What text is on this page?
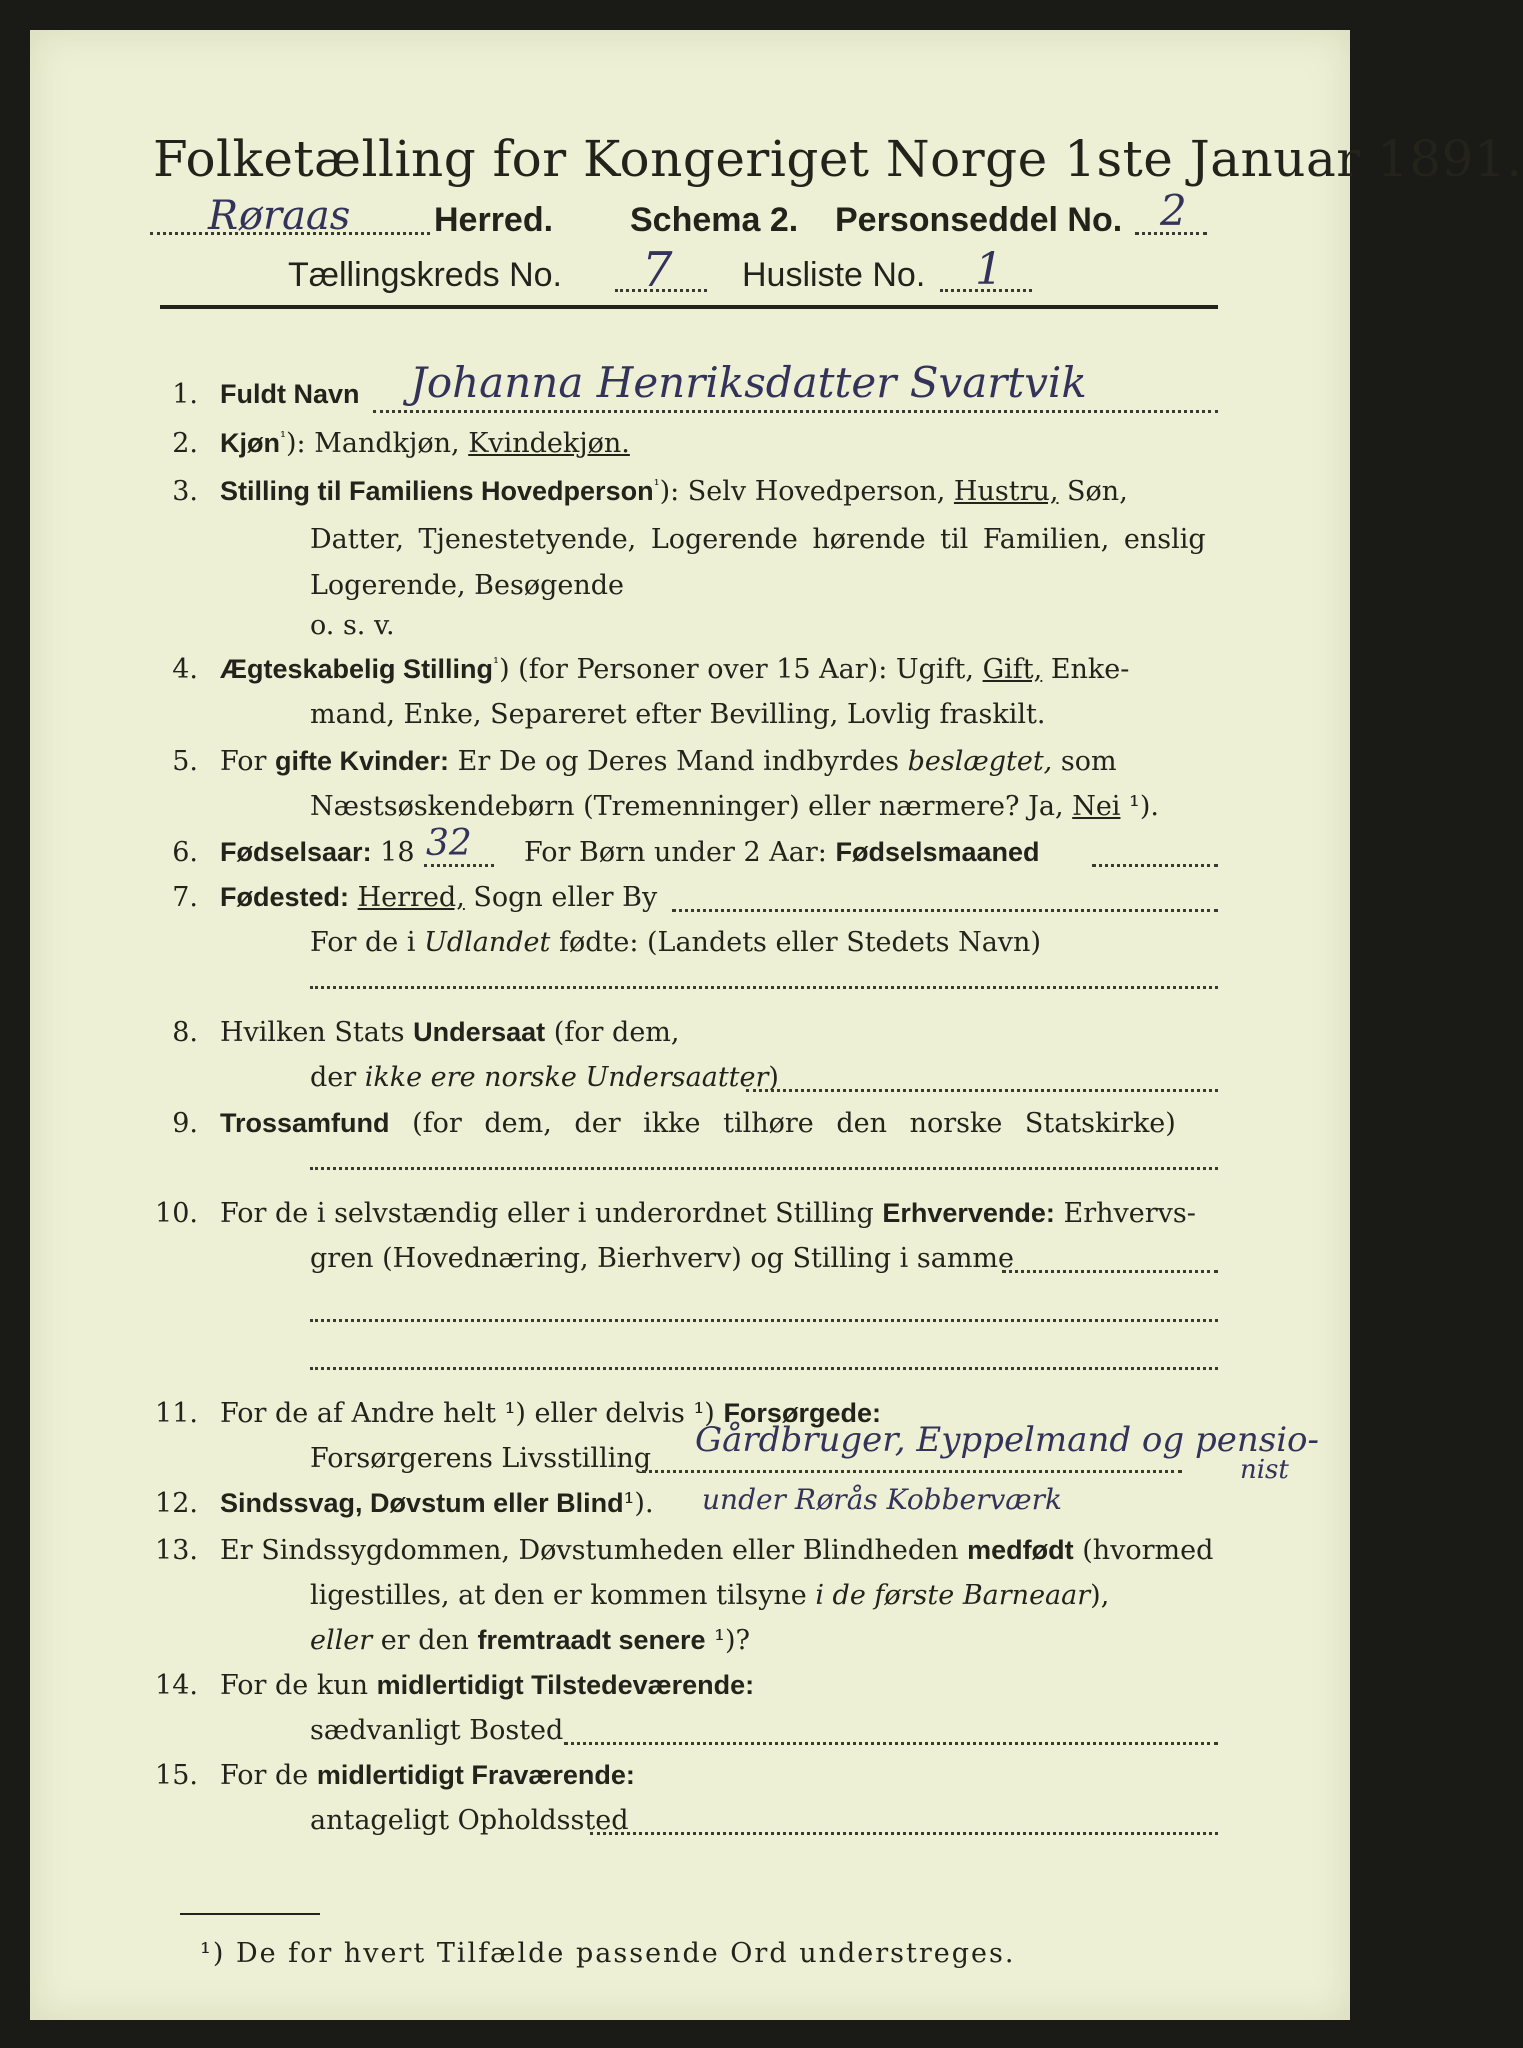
Folketælling for Kongeriget Norge 1ste Januar 1891.
Røraas Herred. Schema 2. Personseddel No. 2
Tællingskreds No. 7 Husliste No. 1
1. Fuldt Navn Johanna Henriksdatter Svartvik
2. Kjøn$^{^1}$): Mandkjøn, Kvindekjøn.
3. Stilling til Familiens Hovedperson$^{^1}$): Selv Hovedperson, Hustru, Søn,
Datter, Tjenestetyende, Logerende hørende til Familien, enslig
Logerende, Besøgende
o. s. v.
4. Ægteskabelig Stilling$^{^1}$) (for Personer over 15 Aar): Ugift, Gift, Enke-
mand, Enke, Separeret efter Bevilling, Lovlig fraskilt.
5. For gifte Kvinder: Er De og Deres Mand indbyrdes beslægtet, som
Næstsøskendebørn (Tremenninger) eller nærmere? Ja, Nei ¹).
6. Fødselsaar: 18 32 For Børn under 2 Aar: Fødselsmaaned
7. Fødested: Herred, Sogn eller By
For de i Udlandet fødte: (Landets eller Stedets Navn)
8. Hvilken Stats Undersaat (for dem,
der ikke ere norske Undersaatter)
9. Trossamfund (for dem, der ikke tilhøre den norske Statskirke)
10. For de i selvstændig eller i underordnet Stilling Erhvervende: Erhvervs-
gren (Hovednæring, Bierhverv) og Stilling i samme
11. For de af Andre helt ¹) eller delvis ¹) Forsørgede:
Forsørgerens Livsstilling Gårdbruger, Eyppelmand og pensio-
nist
12. Sindssvag, Døvstum eller Blind¹). under Rørås Kobberværk
13. Er Sindssygdommen, Døvstumheden eller Blindheden medfødt (hvormed
ligestilles, at den er kommen tilsyne i de første Barneaar),
eller er den fremtraadt senere ¹)?
14. For de kun midlertidigt Tilstedeværende:
sædvanligt Bosted
15. For de midlertidigt Fraværende:
antageligt Opholdssted
¹) De for hvert Tilfælde passende Ord understreges.
